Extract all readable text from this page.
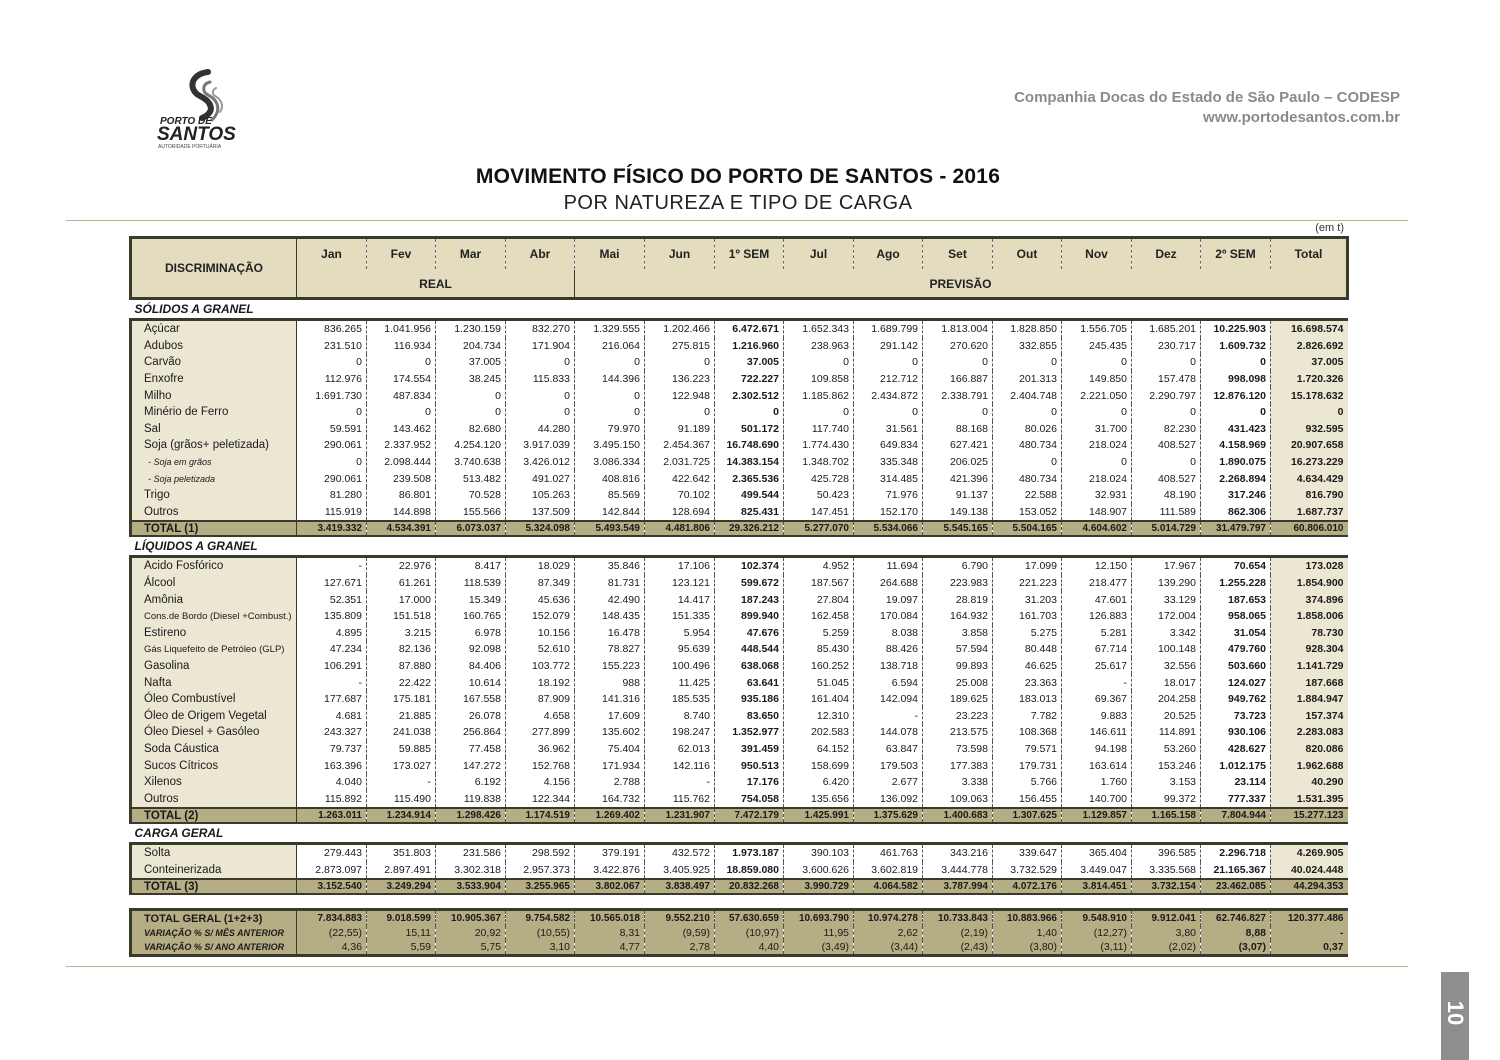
PORTO DE
SANTOS
AUTORIDADE PORTUÁRIA
Companhia Docas do Estado de São Paulo – CODESP
www.portodesantos.com.br
MOVIMENTO FÍSICO DO PORTO DE SANTOS - 2016
POR NATUREZA E TIPO DE CARGA
(em t)
DISCRIMINAÇÃO	Jan	Fev	Mar	Abr	Mai	Jun	1º SEM	Jul	Ago	Set	Out	Nov	Dez	2º SEM	Total
	REAL				PREVISÃO										
SÓLIDOS A GRANEL															
Açúcar	836.265	1.041.956	1.230.159	832.270	1.329.555	1.202.466	6.472.671	1.652.343	1.689.799	1.813.004	1.828.850	1.556.705	1.685.201	10.225.903	16.698.574
Adubos	231.510	116.934	204.734	171.904	216.064	275.815	1.216.960	238.963	291.142	270.620	332.855	245.435	230.717	1.609.732	2.826.692
Carvão	0	0	37.005	0	0	0	37.005	0	0	0	0	0	0	0	37.005
Enxofre	112.976	174.554	38.245	115.833	144.396	136.223	722.227	109.858	212.712	166.887	201.313	149.850	157.478	998.098	1.720.326
Milho	1.691.730	487.834	0	0	0	122.948	2.302.512	1.185.862	2.434.872	2.338.791	2.404.748	2.221.050	2.290.797	12.876.120	15.178.632
Minério de Ferro	0	0	0	0	0	0	0	0	0	0	0	0	0	0	0
Sal	59.591	143.462	82.680	44.280	79.970	91.189	501.172	117.740	31.561	88.168	80.026	31.700	82.230	431.423	932.595
Soja (grãos+ peletizada)	290.061	2.337.952	4.254.120	3.917.039	3.495.150	2.454.367	16.748.690	1.774.430	649.834	627.421	480.734	218.024	408.527	4.158.969	20.907.658
- Soja em grãos	0	2.098.444	3.740.638	3.426.012	3.086.334	2.031.725	14.383.154	1.348.702	335.348	206.025	0	0	0	1.890.075	16.273.229
- Soja peletizada	290.061	239.508	513.482	491.027	408.816	422.642	2.365.536	425.728	314.485	421.396	480.734	218.024	408.527	2.268.894	4.634.429
Trigo	81.280	86.801	70.528	105.263	85.569	70.102	499.544	50.423	71.976	91.137	22.588	32.931	48.190	317.246	816.790
Outros	115.919	144.898	155.566	137.509	142.844	128.694	825.431	147.451	152.170	149.138	153.052	148.907	111.589	862.306	1.687.737
TOTAL (1)	3.419.332	4.534.391	6.073.037	5.324.098	5.493.549	4.481.806	29.326.212	5.277.070	5.534.066	5.545.165	5.504.165	4.604.602	5.014.729	31.479.797	60.806.010
LÍQUIDOS A GRANEL															
Acido Fosfórico	-	22.976	8.417	18.029	35.846	17.106	102.374	4.952	11.694	6.790	17.099	12.150	17.967	70.654	173.028
Álcool	127.671	61.261	118.539	87.349	81.731	123.121	599.672	187.567	264.688	223.983	221.223	218.477	139.290	1.255.228	1.854.900
Amônia	52.351	17.000	15.349	45.636	42.490	14.417	187.243	27.804	19.097	28.819	31.203	47.601	33.129	187.653	374.896
Cons.de Bordo (Diesel +Combust.)	135.809	151.518	160.765	152.079	148.435	151.335	899.940	162.458	170.084	164.932	161.703	126.883	172.004	958.065	1.858.006
Estireno	4.895	3.215	6.978	10.156	16.478	5.954	47.676	5.259	8.038	3.858	5.275	5.281	3.342	31.054	78.730
Gás Liquefeito de Petróleo (GLP)	47.234	82.136	92.098	52.610	78.827	95.639	448.544	85.430	88.426	57.594	80.448	67.714	100.148	479.760	928.304
Gasolina	106.291	87.880	84.406	103.772	155.223	100.496	638.068	160.252	138.718	99.893	46.625	25.617	32.556	503.660	1.141.729
Nafta	-	22.422	10.614	18.192	988	11.425	63.641	51.045	6.594	25.008	23.363	-	18.017	124.027	187.668
Óleo Combustível	177.687	175.181	167.558	87.909	141.316	185.535	935.186	161.404	142.094	189.625	183.013	69.367	204.258	949.762	1.884.947
Óleo de Origem Vegetal	4.681	21.885	26.078	4.658	17.609	8.740	83.650	12.310	-	23.223	7.782	9.883	20.525	73.723	157.374
Óleo Diesel + Gasóleo	243.327	241.038	256.864	277.899	135.602	198.247	1.352.977	202.583	144.078	213.575	108.368	146.611	114.891	930.106	2.283.083
Soda Cáustica	79.737	59.885	77.458	36.962	75.404	62.013	391.459	64.152	63.847	73.598	79.571	94.198	53.260	428.627	820.086
Sucos Cítricos	163.396	173.027	147.272	152.768	171.934	142.116	950.513	158.699	179.503	177.383	179.731	163.614	153.246	1.012.175	1.962.688
Xilenos	4.040	-	6.192	4.156	2.788	-	17.176	6.420	2.677	3.338	5.766	1.760	3.153	23.114	40.290
Outros	115.892	115.490	119.838	122.344	164.732	115.762	754.058	135.656	136.092	109.063	156.455	140.700	99.372	777.337	1.531.395
TOTAL (2)	1.263.011	1.234.914	1.298.426	1.174.519	1.269.402	1.231.907	7.472.179	1.425.991	1.375.629	1.400.683	1.307.625	1.129.857	1.165.158	7.804.944	15.277.123
CARGA GERAL															
Solta	279.443	351.803	231.586	298.592	379.191	432.572	1.973.187	390.103	461.763	343.216	339.647	365.404	396.585	2.296.718	4.269.905
Conteinerizada	2.873.097	2.897.491	3.302.318	2.957.373	3.422.876	3.405.925	18.859.080	3.600.626	3.602.819	3.444.778	3.732.529	3.449.047	3.335.568	21.165.367	40.024.448
TOTAL (3)	3.152.540	3.249.294	3.533.904	3.255.965	3.802.067	3.838.497	20.832.268	3.990.729	4.064.582	3.787.994	4.072.176	3.814.451	3.732.154	23.462.085	44.294.353

TOTAL GERAL (1+2+3)	7.834.883	9.018.599	10.905.367	9.754.582	10.565.018	9.552.210	57.630.659	10.693.790	10.974.278	10.733.843	10.883.966	9.548.910	9.912.041	62.746.827	120.377.486
VARIAÇÃO % S/ MÊS ANTERIOR	(22,55)	15,11	20,92	(10,55)	8,31	(9,59)	(10,97)	11,95	2,62	(2,19)	1,40	(12,27)	3,80	8,88	-
VARIAÇÃO % S/ ANO ANTERIOR	4,36	5,59	5,75	3,10	4,77	2,78	4,40	(3,49)	(3,44)	(2,43)	(3,80)	(3,11)	(2,02)	(3,07)	0,37
10
